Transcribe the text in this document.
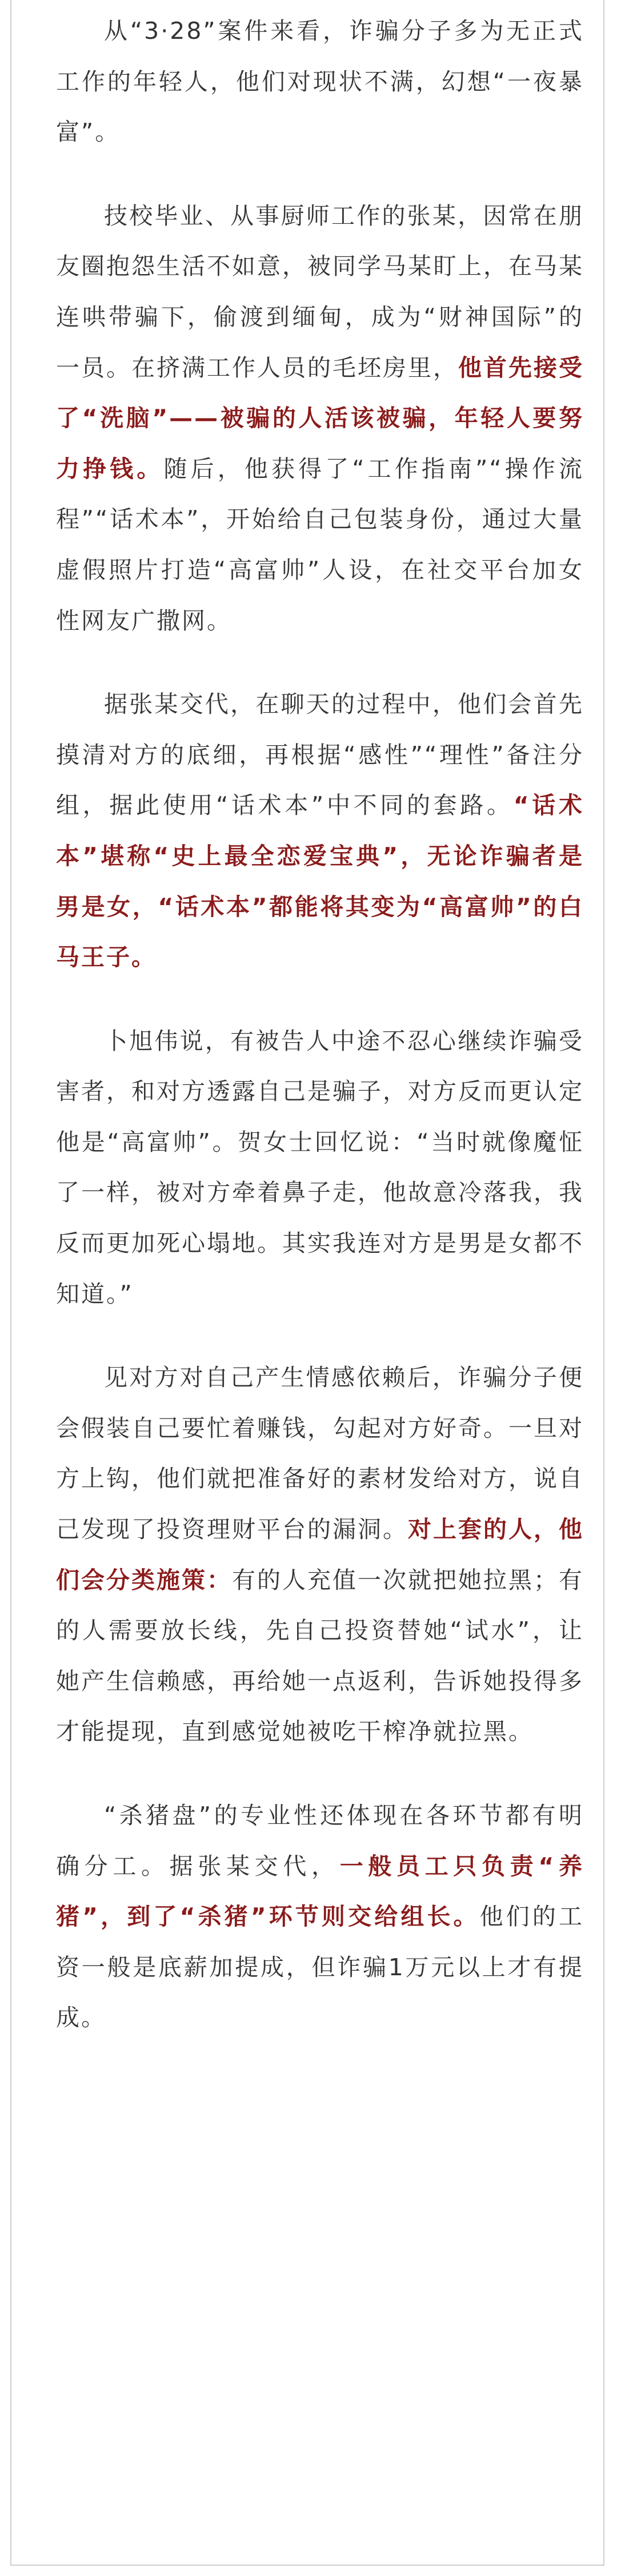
从“3·28”案件来看，诈骗分子多为无正式工作的年轻人，他们对现状不满，幻想“一夜暴富”。

技校毕业、从事厨师工作的张某，因常在朋友圈抱怨生活不如意，被同学马某盯上，在马某连哄带骗下，偷渡到缅甸，成为“财神国际”的一员。在挤满工作人员的毛坯房里，他首先接受了“洗脑”——被骗的人活该被骗，年轻人要努力挣钱。随后，他获得了“工作指南”“操作流程”“话术本”，开始给自己包装身份，通过大量虚假照片打造“高富帅”人设，在社交平台加女性网友广撒网。

据张某交代，在聊天的过程中，他们会首先摸清对方的底细，再根据“感性”“理性”备注分组，据此使用“话术本”中不同的套路。“话术本”堪称“史上最全恋爱宝典”，无论诈骗者是男是女，“话术本”都能将其变为“高富帅”的白马王子。

卜旭伟说，有被告人中途不忍心继续诈骗受害者，和对方透露自己是骗子，对方反而更认定他是“高富帅”。贺女士回忆说：“当时就像魔怔了一样，被对方牵着鼻子走，他故意冷落我，我反而更加死心塌地。其实我连对方是男是女都不知道。”

见对方对自己产生情感依赖后，诈骗分子便会假装自己要忙着赚钱，勾起对方好奇。一旦对方上钩，他们就把准备好的素材发给对方，说自己发现了投资理财平台的漏洞。对上套的人，他们会分类施策：有的人充值一次就把她拉黑；有的人需要放长线，先自己投资替她“试水”，让她产生信赖感，再给她一点返利，告诉她投得多才能提现，直到感觉她被吃干榨净就拉黑。

“杀猪盘”的专业性还体现在各环节都有明确分工。据张某交代，一般员工只负责“养猪”，到了“杀猪”环节则交给组长。他们的工资一般是底薪加提成，但诈骗1万元以上才有提成。
